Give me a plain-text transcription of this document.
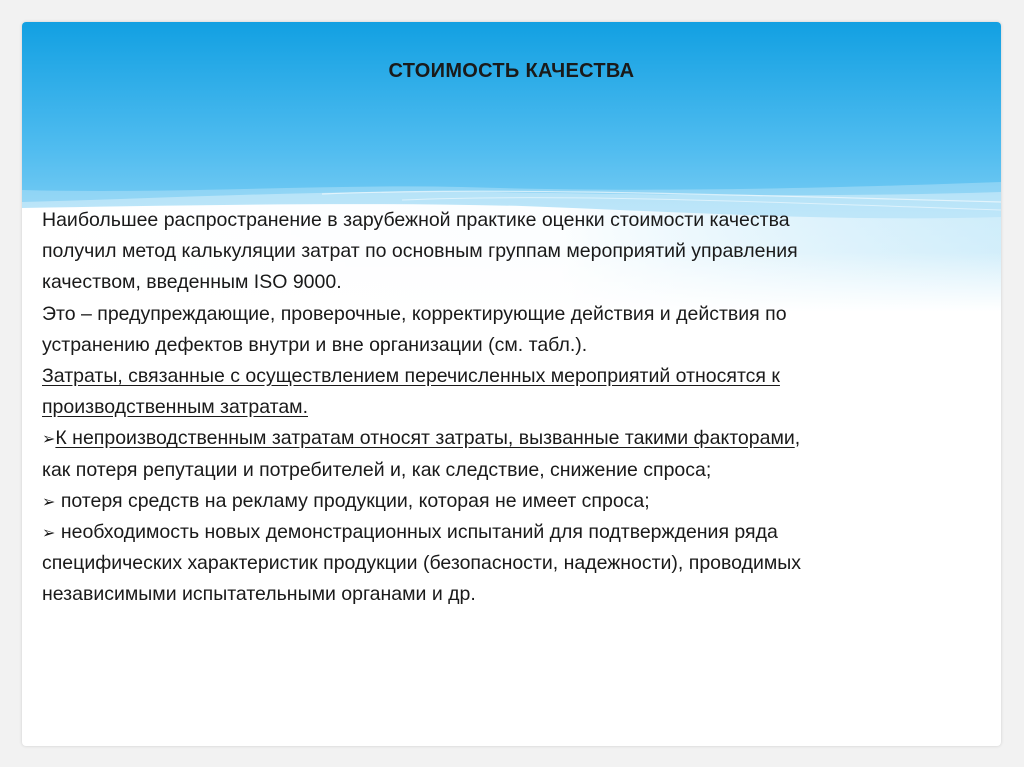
СТОИМОСТЬ КАЧЕСТВА
Наибольшее распространение в зарубежной практике оценки стоимости качества
получил метод калькуляции затрат по основным группам мероприятий управления
качеством, введенным ISO 9000.
Это – предупреждающие, проверочные, корректирующие действия и действия по
устранению дефектов внутри и вне организации (см. табл.).
Затраты, связанные с осуществлением перечисленных мероприятий относятся к
производственным затратам.
➢К непроизводственным затратам относят затраты, вызванные такими факторами,
как потеря репутации и потребителей и, как следствие, снижение спроса;
➢ потеря средств на рекламу продукции, которая не имеет спроса;
➢ необходимость новых демонстрационных испытаний для подтверждения ряда
специфических характеристик продукции (безопасности, надежности), проводимых
независимыми испытательными органами и др.
